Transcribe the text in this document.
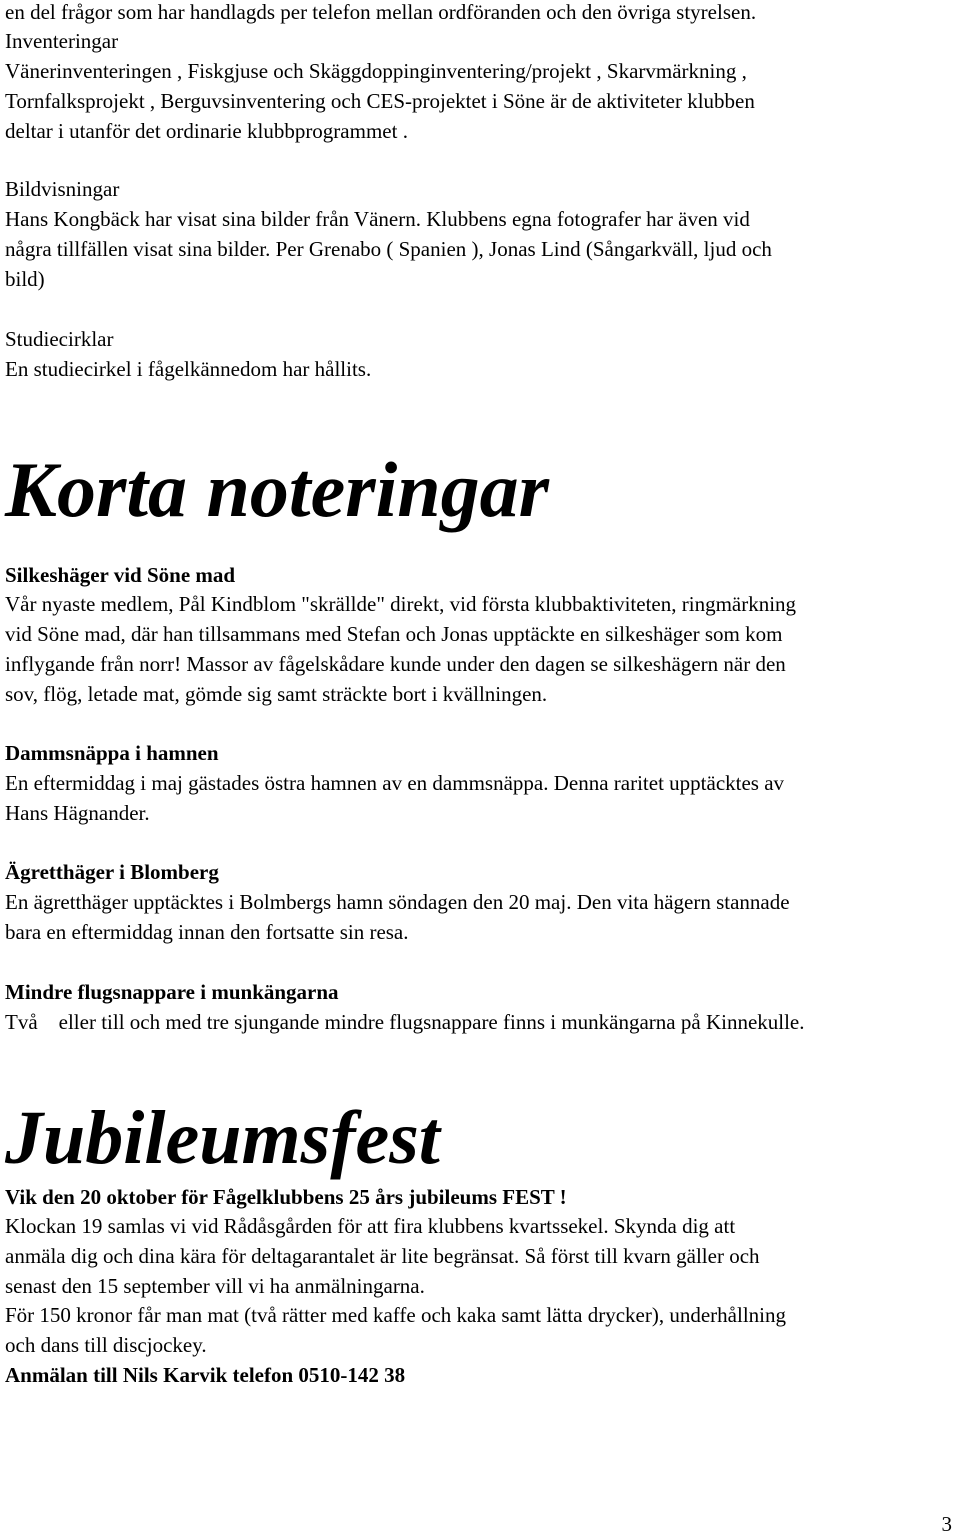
en del frågor som har handlagds per telefon mellan ordföranden och den övriga styrelsen.
Inventeringar
Vänerinventeringen , Fiskgjuse och Skäggdoppinginventering/projekt , Skarvmärkning ,
Tornfalksprojekt , Berguvsinventering och CES-projektet i Söne är de aktiviteter klubben
deltar i utanför det ordinarie klubbprogrammet .
Bildvisningar
Hans Kongbäck har visat sina bilder från Vänern. Klubbens egna fotografer har även vid
några tillfällen visat sina bilder. Per Grenabo ( Spanien ), Jonas Lind (Sångarkväll, ljud och
bild)
Studiecirklar
En studiecirkel i fågelkännedom har hållits.
Korta noteringar
Silkeshäger vid Söne mad
Vår nyaste medlem, Pål Kindblom "skrällde" direkt, vid första klubbaktiviteten, ringmärkning
vid Söne mad, där han tillsammans med Stefan och Jonas upptäckte en silkeshäger som kom
inflygande från norr! Massor av fågelskådare kunde under den dagen se silkeshägern när den
sov, flög, letade mat, gömde sig samt sträckte bort i kvällningen.
Dammsnäppa i hamnen
En eftermiddag i maj gästades östra hamnen av en dammsnäppa. Denna raritet upptäcktes av
Hans Hägnander.
Ägretthäger i Blomberg
En ägretthäger upptäcktes i Bolmbergs hamn söndagen den 20 maj. Den vita hägern stannade
bara en eftermiddag innan den fortsatte sin resa.
Mindre flugsnappare i munkängarna
Två    eller till och med tre sjungande mindre flugsnappare finns i munkängarna på Kinnekulle.
Jubileumsfest
Vik den 20 oktober för Fågelklubbens 25 års jubileums FEST !
Klockan 19 samlas vi vid Rådåsgården för att fira klubbens kvartssekel. Skynda dig att
anmäla dig och dina kära för deltagarantalet är lite begränsat. Så först till kvarn gäller och
senast den 15 september vill vi ha anmälningarna.
För 150 kronor får man mat (två rätter med kaffe och kaka samt lätta drycker), underhållning
och dans till discjockey.
Anmälan till Nils Karvik telefon 0510-142 38
3
